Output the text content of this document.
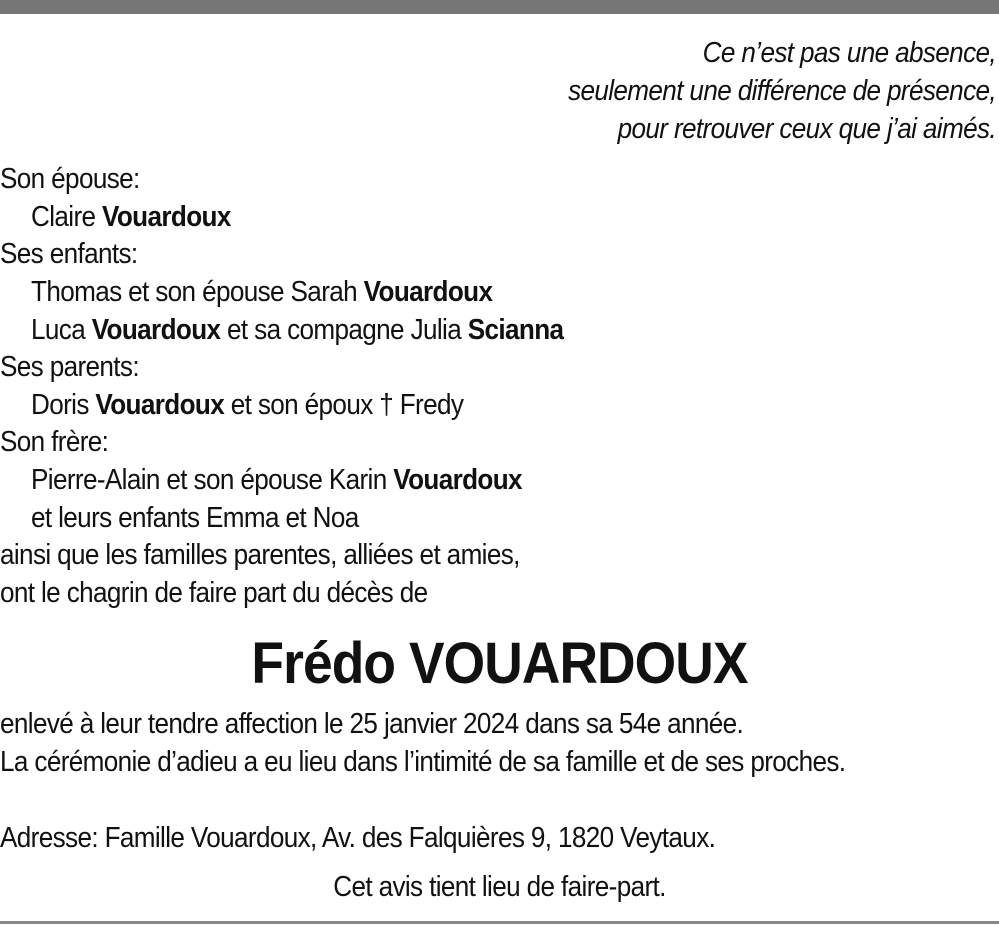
Ce n’est pas une absence,
seulement une différence de présence,
pour retrouver ceux que j’ai aimés.
Son épouse:
Claire Vouardoux
Ses enfants:
Thomas et son épouse Sarah Vouardoux
Luca Vouardoux et sa compagne Julia Scianna
Ses parents:
Doris Vouardoux et son époux † Fredy
Son frère:
Pierre-Alain et son épouse Karin Vouardoux
et leurs enfants Emma et Noa
ainsi que les familles parentes, alliées et amies,
ont le chagrin de faire part du décès de
Frédo VOUARDOUX
enlevé à leur tendre affection le 25 janvier 2024 dans sa 54e année.
La cérémonie d’adieu a eu lieu dans l’intimité de sa famille et de ses proches.
Adresse: Famille Vouardoux, Av. des Falquières 9, 1820 Veytaux.
Cet avis tient lieu de faire-part.
